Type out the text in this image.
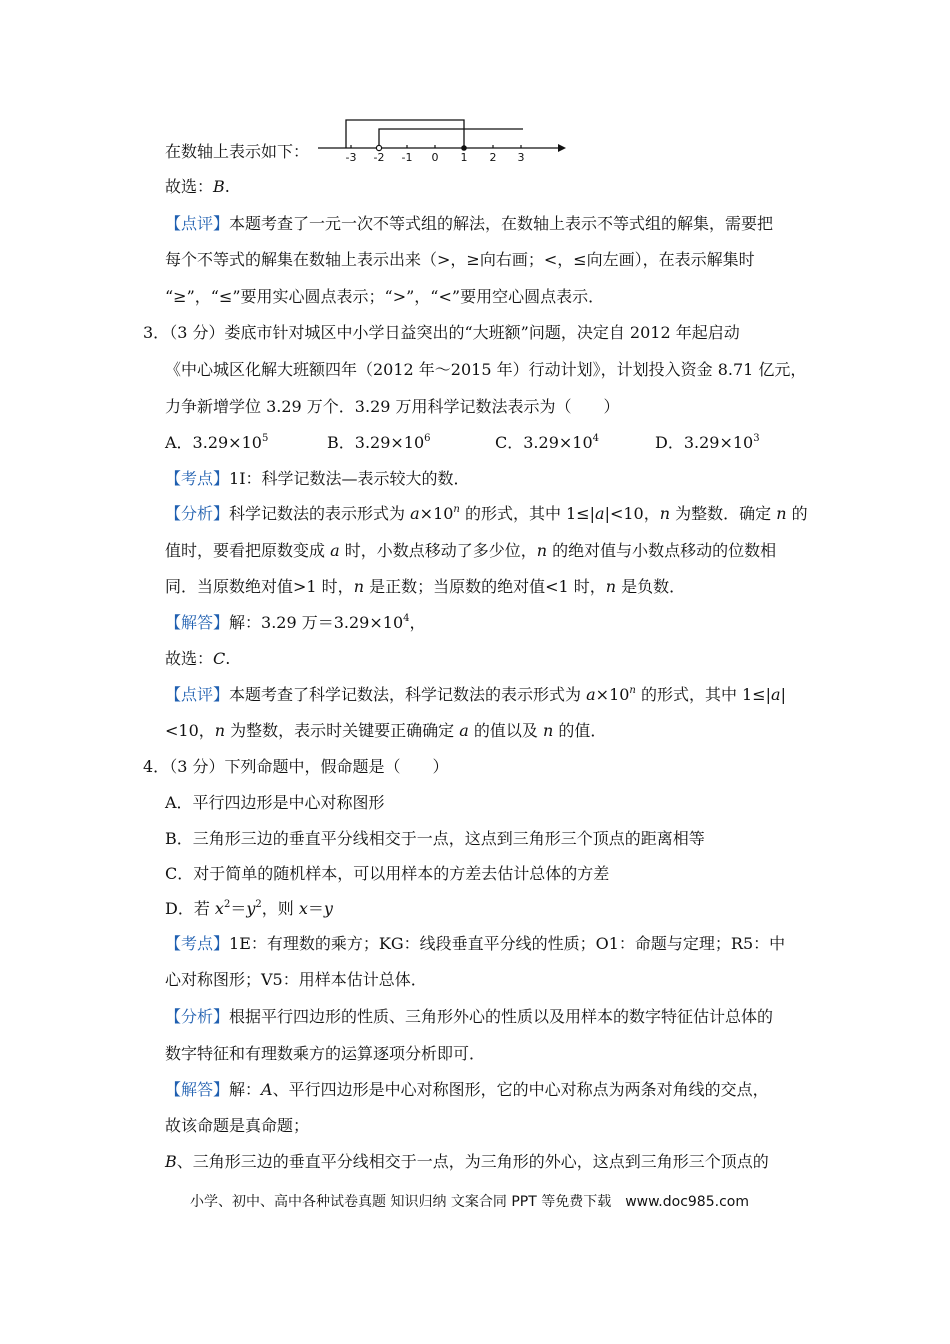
-3 -2 -1 0 1 2 3
在数轴上表示如下：
故选：B.
【点评】本题考查了一元一次不等式组的解法，在数轴上表示不等式组的解集，需要把
每个不等式的解集在数轴上表示出来（>，≥向右画；<，≤向左画），在表示解集时
“≥”，“≤”要用实心圆点表示；“>”，“<”要用空心圆点表示．
3．（3 分）娄底市针对城区中小学日益突出的“大班额”问题，决定自 2012 年起启动
《中心城区化解大班额四年（2012 年～2015 年）行动计划》，计划投入资金 8.71 亿元，
力争新增学位 3.29 万个．3.29 万用科学记数法表示为（　　）
A．$3.29\times 10^5$	B．$3.29\times 10^6$	C．$3.29\times 10^4$	D．$3.29\times 10^3$
【考点】1I：科学记数法—表示较大的数．
【分析】科学记数法的表示形式为 $a\times 10^n$ 的形式，其中 1≤|a|<10，n 为整数．确定 n 的
值时，要看把原数变成 a 时，小数点移动了多少位，n 的绝对值与小数点移动的位数相
同．当原数绝对值>1 时，n 是正数；当原数的绝对值<1 时，n 是负数．
【解答】解：3.29 万$=3.29\times 10^4$，
故选：C.
【点评】本题考查了科学记数法，科学记数法的表示形式为 $a\times 10^n$ 的形式，其中 1≤|a|
<10，n 为整数，表示时关键要正确确定 a 的值以及 n 的值．
4．（3 分）下列命题中，假命题是（　　）
A．平行四边形是中心对称图形
B．三角形三边的垂直平分线相交于一点，这点到三角形三个顶点的距离相等
C．对于简单的随机样本，可以用样本的方差去估计总体的方差
D．若 $x^2=y^2$，则 x＝y
【考点】1E：有理数的乘方；KG：线段垂直平分线的性质；O1：命题与定理；R5：中
心对称图形；V5：用样本估计总体．
【分析】根据平行四边形的性质、三角形外心的性质以及用样本的数字特征估计总体的
数字特征和有理数乘方的运算逐项分析即可．
【解答】解：A、平行四边形是中心对称图形，它的中心对称点为两条对角线的交点，
故该命题是真命题；
B、三角形三边的垂直平分线相交于一点，为三角形的外心，这点到三角形三个顶点的
小学、初中、高中各种试卷真题 知识归纳 文案合同 PPT 等免费下载　www.doc985.com
